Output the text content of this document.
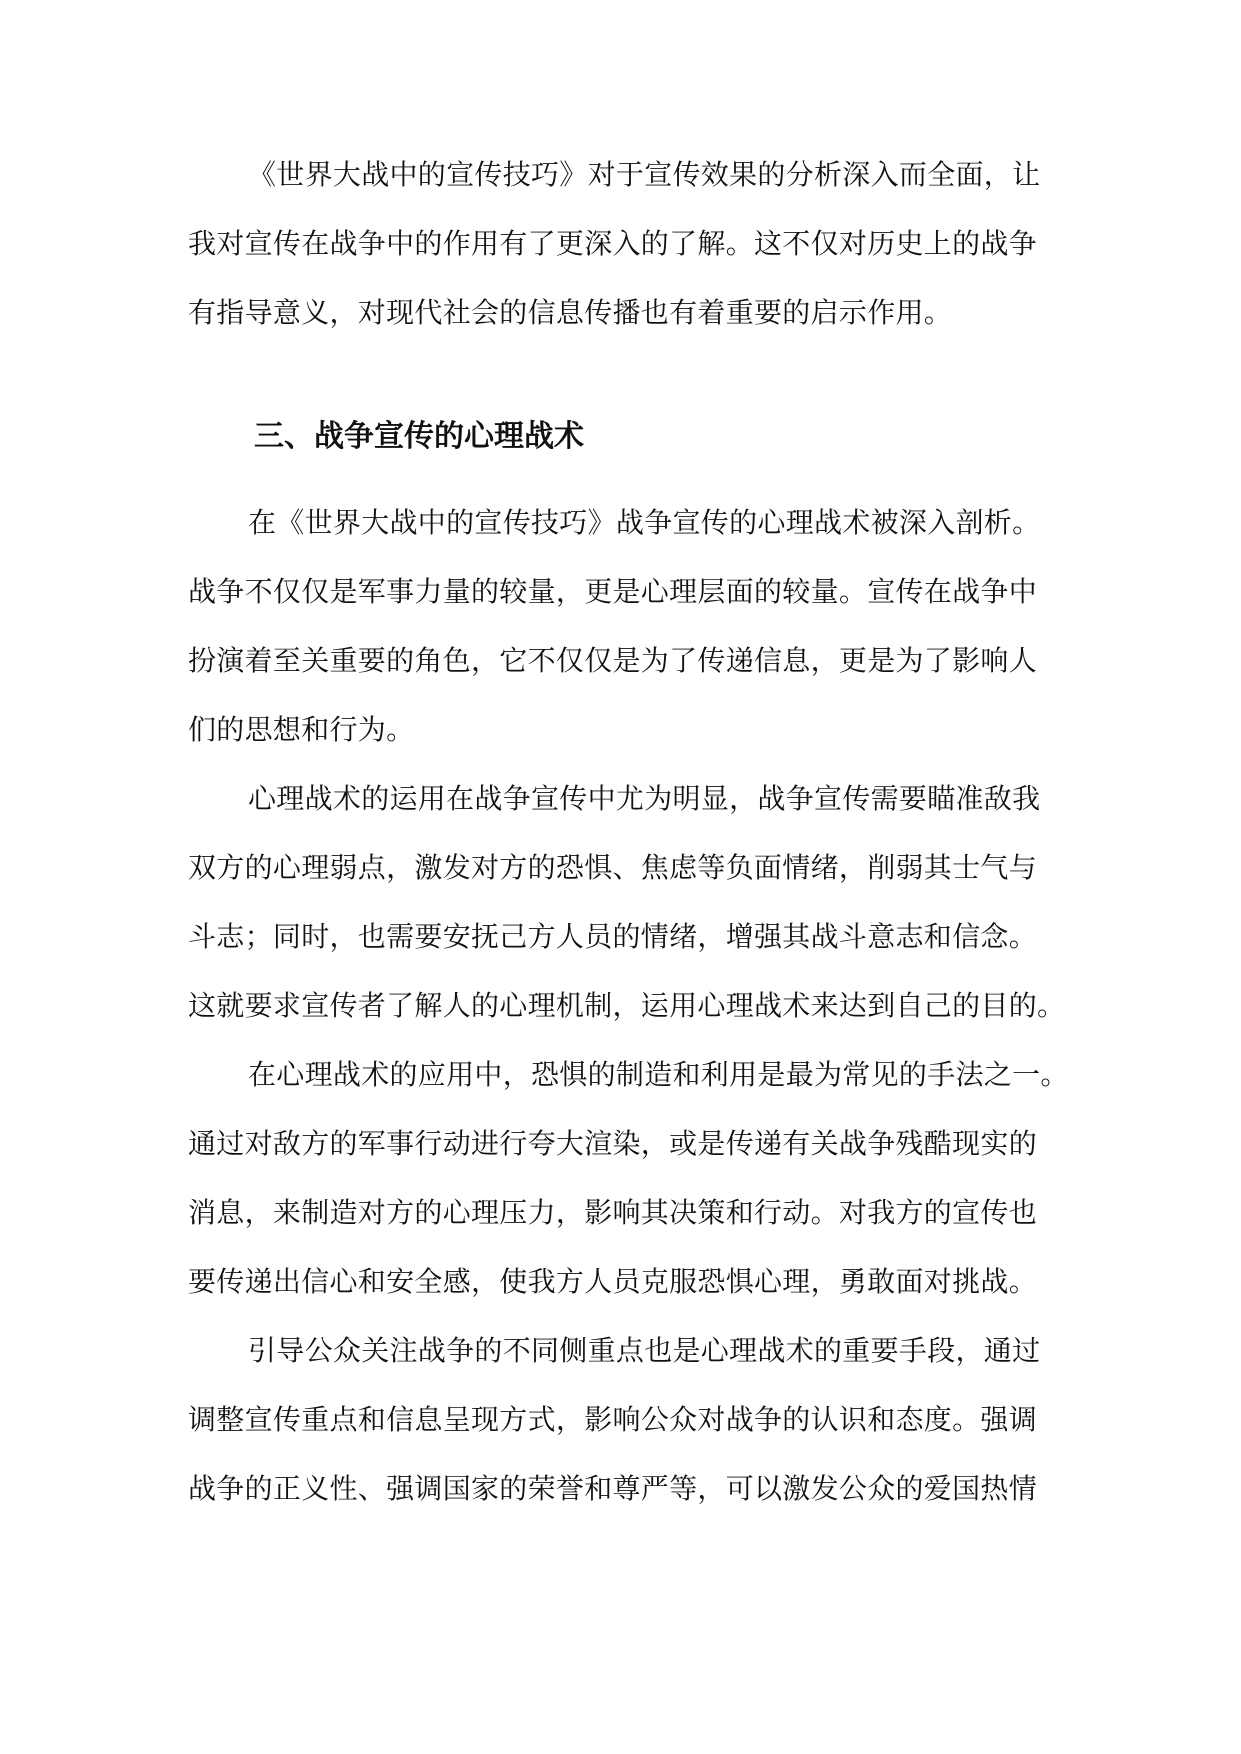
《世界大战中的宣传技巧》对于宣传效果的分析深入而全面，让
我对宣传在战争中的作用有了更深入的了解。这不仅对历史上的战争
有指导意义，对现代社会的信息传播也有着重要的启示作用。

三、战争宣传的心理战术

在《世界大战中的宣传技巧》战争宣传的心理战术被深入剖析。
战争不仅仅是军事力量的较量，更是心理层面的较量。宣传在战争中
扮演着至关重要的角色，它不仅仅是为了传递信息，更是为了影响人
们的思想和行为。

心理战术的运用在战争宣传中尤为明显，战争宣传需要瞄准敌我
双方的心理弱点，激发对方的恐惧、焦虑等负面情绪，削弱其士气与
斗志；同时，也需要安抚己方人员的情绪，增强其战斗意志和信念。
这就要求宣传者了解人的心理机制，运用心理战术来达到自己的目的。

在心理战术的应用中，恐惧的制造和利用是最为常见的手法之一。
通过对敌方的军事行动进行夸大渲染，或是传递有关战争残酷现实的
消息，来制造对方的心理压力，影响其决策和行动。对我方的宣传也
要传递出信心和安全感，使我方人员克服恐惧心理，勇敢面对挑战。

引导公众关注战争的不同侧重点也是心理战术的重要手段，通过
调整宣传重点和信息呈现方式，影响公众对战争的认识和态度。强调
战争的正义性、强调国家的荣誉和尊严等，可以激发公众的爱国热情
